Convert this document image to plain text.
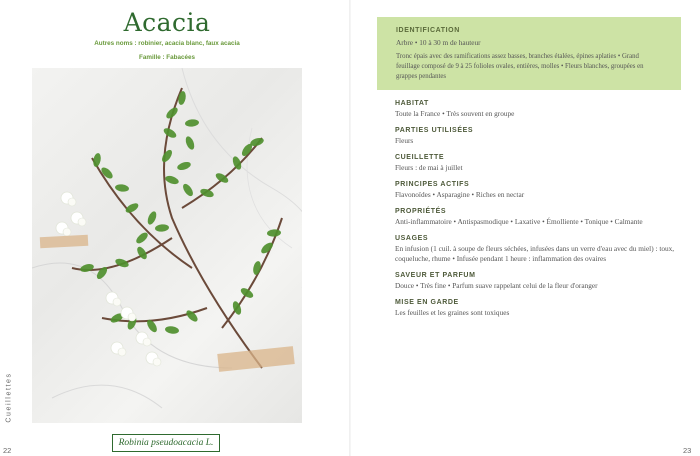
Acacia
Autres noms : robinier, acacia blanc, faux acacia
Famille : Fabacées
Robinia pseudoacacia L.
Cueillettes
22

IDENTIFICATION

Arbre • 10 à 30 m de hauteur

Tronc épais avec des ramifications assez basses, branches étalées, épines aplaties • Grand feuillage composé de 9 à 25 folioles ovales, entières, molles • Fleurs blanches, groupées en grappes pendantes

HABITAT

Toute la France • Très souvent en groupe

PARTIES UTILISÉES

Fleurs

CUEILLETTE

Fleurs : de mai à juillet

PRINCIPES ACTIFS

Flavonoïdes • Asparagine • Riches en nectar

PROPRIÉTÉS

Anti-inflammatoire • Antispasmodique • Laxative • Émolliente • Tonique • Calmante

USAGES

En infusion (1 cuil. à soupe de fleurs séchées, infusées dans un verre d'eau avec du miel) : toux, coqueluche, rhume • Infusée pendant 1 heure : inflammation des ovaires

SAVEUR ET PARFUM

Douce • Très fine • Parfum suave rappelant celui de la fleur d'oranger

MISE EN GARDE

Les feuilles et les graines sont toxiques

23
